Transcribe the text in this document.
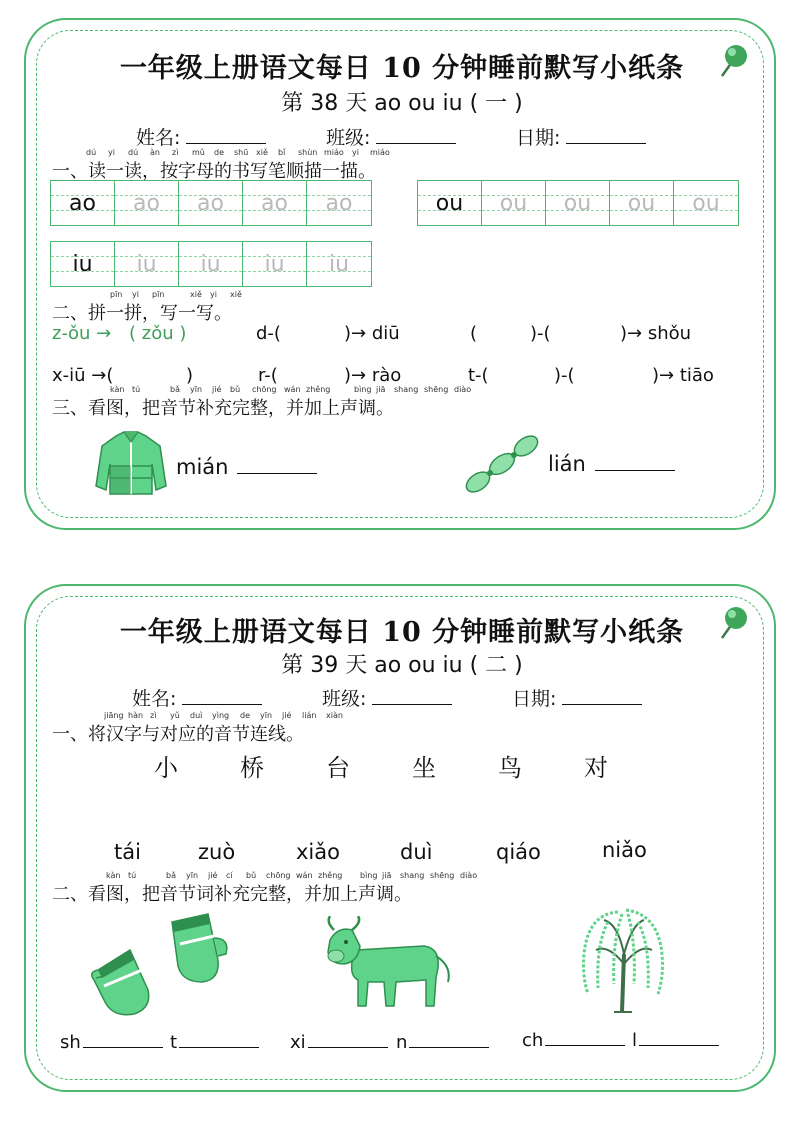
一年级上册语文每日 10 分钟睡前默写小纸条
第 38 天 ao ou iu ( 一 )
姓名:	班级:	日期:
dú yi dú àn zì mǔ de shū xiě bǐ shùn miáo yi miáo
一、读一读，按字母的书写笔顺描一描。
ao ao ao ao ao	ou ou ou ou ou
iu iu iu iu iu
pīn yi pīn	xiě yi xiě
二、拼一拼，写一写。
z-ǒu → ( zǒu )	d-(	)→ diū	(	)-(	)→ shǒu
x-iū →(	)	r-(	)→ rào	t-(	)-(	)→ tiāo
kàn tú	bǎ yīn jié bǔ chōng wán zhěng	bìng jiā shang shēng diào
三、看图，把音节补充完整，并加上声调。
mián	lián
一年级上册语文每日 10 分钟睡前默写小纸条
第 39 天 ao ou iu ( 二 )
姓名:	班级:	日期:
jiāng hàn zì yǔ duì yìng de yīn jié lián xiàn
一、将汉字与对应的音节连线。
小	桥	台	坐	鸟	对
tái	zuò	xiǎo	duì	qiáo	niǎo
kàn tú	bǎ yīn jié cí bǔ chōng wán zhěng bìng jiā shang shēng diào
二、看图，把音节词补充完整，并加上声调。
sh	t	xi	n	ch	l
